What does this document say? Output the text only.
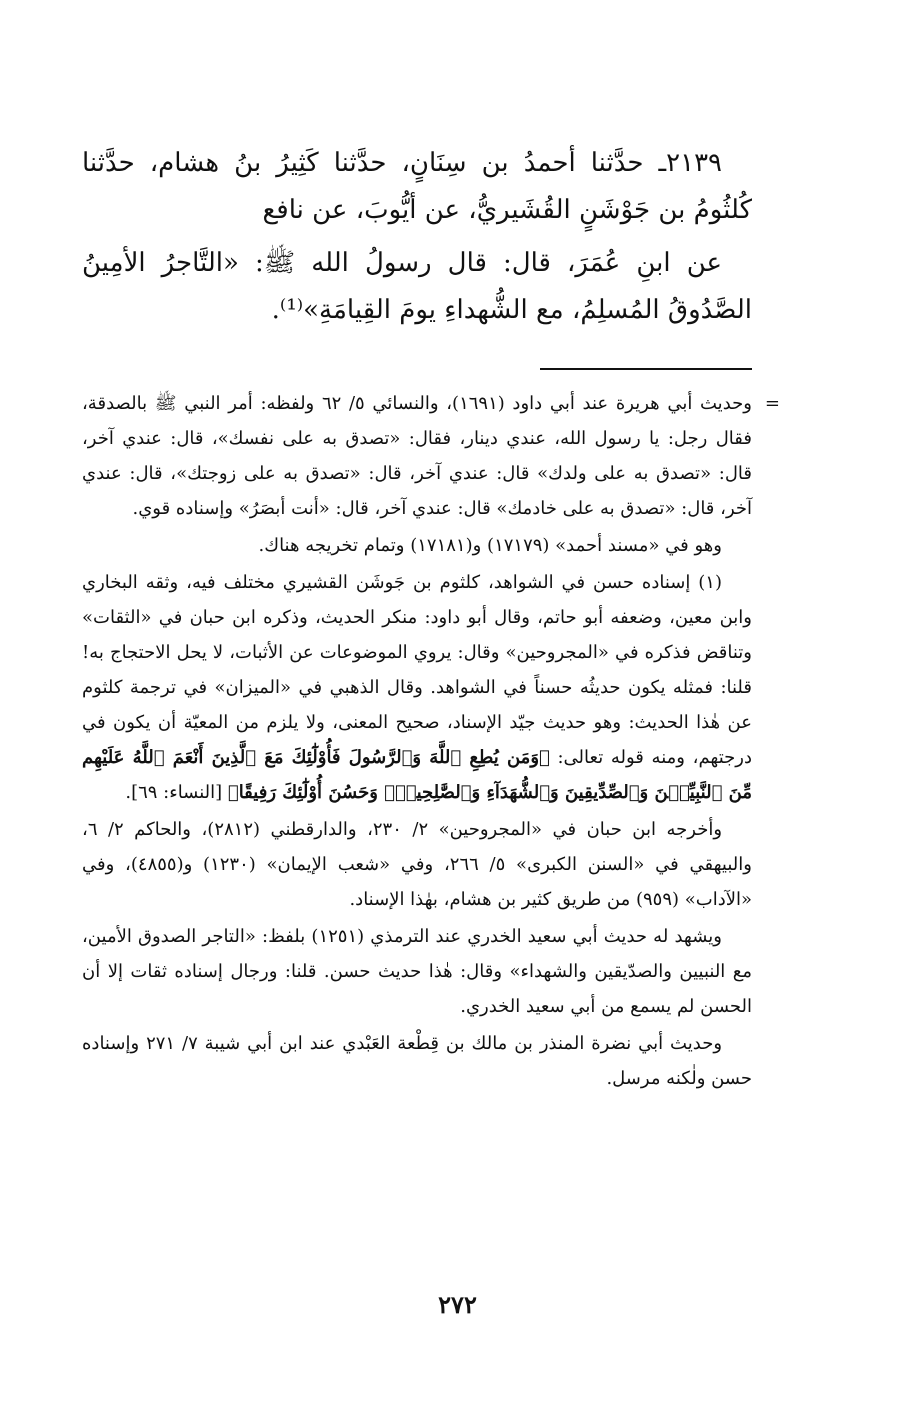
٢١٣٩ـ حدَّثنا أحمدُ بن سِنَانٍ، حدَّثنا كَثِيرُ بنُ هشام، حدَّثنا كُلثُومُ بن جَوْشَنٍ القُشَيريُّ، عن أيُّوبَ، عن نافع

عن ابنِ عُمَرَ، قال: قال رسولُ الله ﷺ: «التَّاجرُ الأمِينُ الصَّدُوقُ المُسلِمُ، مع الشُّهداءِ يومَ القِيامَةِ»⁽¹⁾.

=
وحديث أبي هريرة عند أبي داود (١٦٩١)، والنسائي ٥/ ٦٢ ولفظه: أمر النبي ﷺ بالصدقة، فقال رجل: يا رسول الله، عندي دينار، فقال: «تصدق به على نفسك»، قال: عندي آخر، قال: «تصدق به على ولدك» قال: عندي آخر، قال: «تصدق به على زوجتك»، قال: عندي آخر، قال: «تصدق به على خادمك» قال: عندي آخر، قال: «أنت أبصَرُ» وإسناده قوي.

وهو في «مسند أحمد» (١٧١٧٩) و(١٧١٨١) وتمام تخريجه هناك.

(١) إسناده حسن في الشواهد، كلثوم بن جَوشَن القشيري مختلف فيه، وثقه البخاري وابن معين، وضعفه أبو حاتم، وقال أبو داود: منكر الحديث، وذكره ابن حبان في «الثقات» وتناقض فذكره في «المجروحين» وقال: يروي الموضوعات عن الأثبات، لا يحل الاحتجاج به! قلنا: فمثله يكون حديثُه حسناً في الشواهد. وقال الذهبي في «الميزان» في ترجمة كلثوم عن هٰذا الحديث: وهو حديث جيّد الإسناد، صحيح المعنى، ولا يلزم من المعيّة أن يكون في درجتهم، ومنه قوله تعالى: ﴿وَمَن يُطِعِ ٱللَّهَ وَٱلرَّسُولَ فَأُوْلَٰٓئِكَ مَعَ ٱلَّذِينَ أَنْعَمَ ٱللَّهُ عَلَيْهِم مِّنَ ٱلنَّبِيِّـۧنَ وَٱلصِّدِّيقِينَ وَٱلشُّهَدَآءِ وَٱلصَّٰلِحِينَۚ وَحَسُنَ أُوْلَٰٓئِكَ رَفِيقًا﴾ [النساء: ٦٩].

وأخرجه ابن حبان في «المجروحين» ٢/ ٢٣٠، والدارقطني (٢٨١٢)، والحاكم ٢/ ٦، والبيهقي في «السنن الكبرى» ٥/ ٢٦٦، وفي «شعب الإيمان» (١٢٣٠) و(٤٨٥٥)، وفي «الآداب» (٩٥٩) من طريق كثير بن هشام، بهٰذا الإسناد.

ويشهد له حديث أبي سعيد الخدري عند الترمذي (١٢٥١) بلفظ: «التاجر الصدوق الأمين، مع النبيين والصدّيقين والشهداء» وقال: هٰذا حديث حسن. قلنا: ورجال إسناده ثقات إلا أن الحسن لم يسمع من أبي سعيد الخدري.

وحديث أبي نضرة المنذر بن مالك بن قِطْعة العَبْدي عند ابن أبي شيبة ٧/ ٢٧١ وإسناده حسن ولٰكنه مرسل.

٢٧٢
